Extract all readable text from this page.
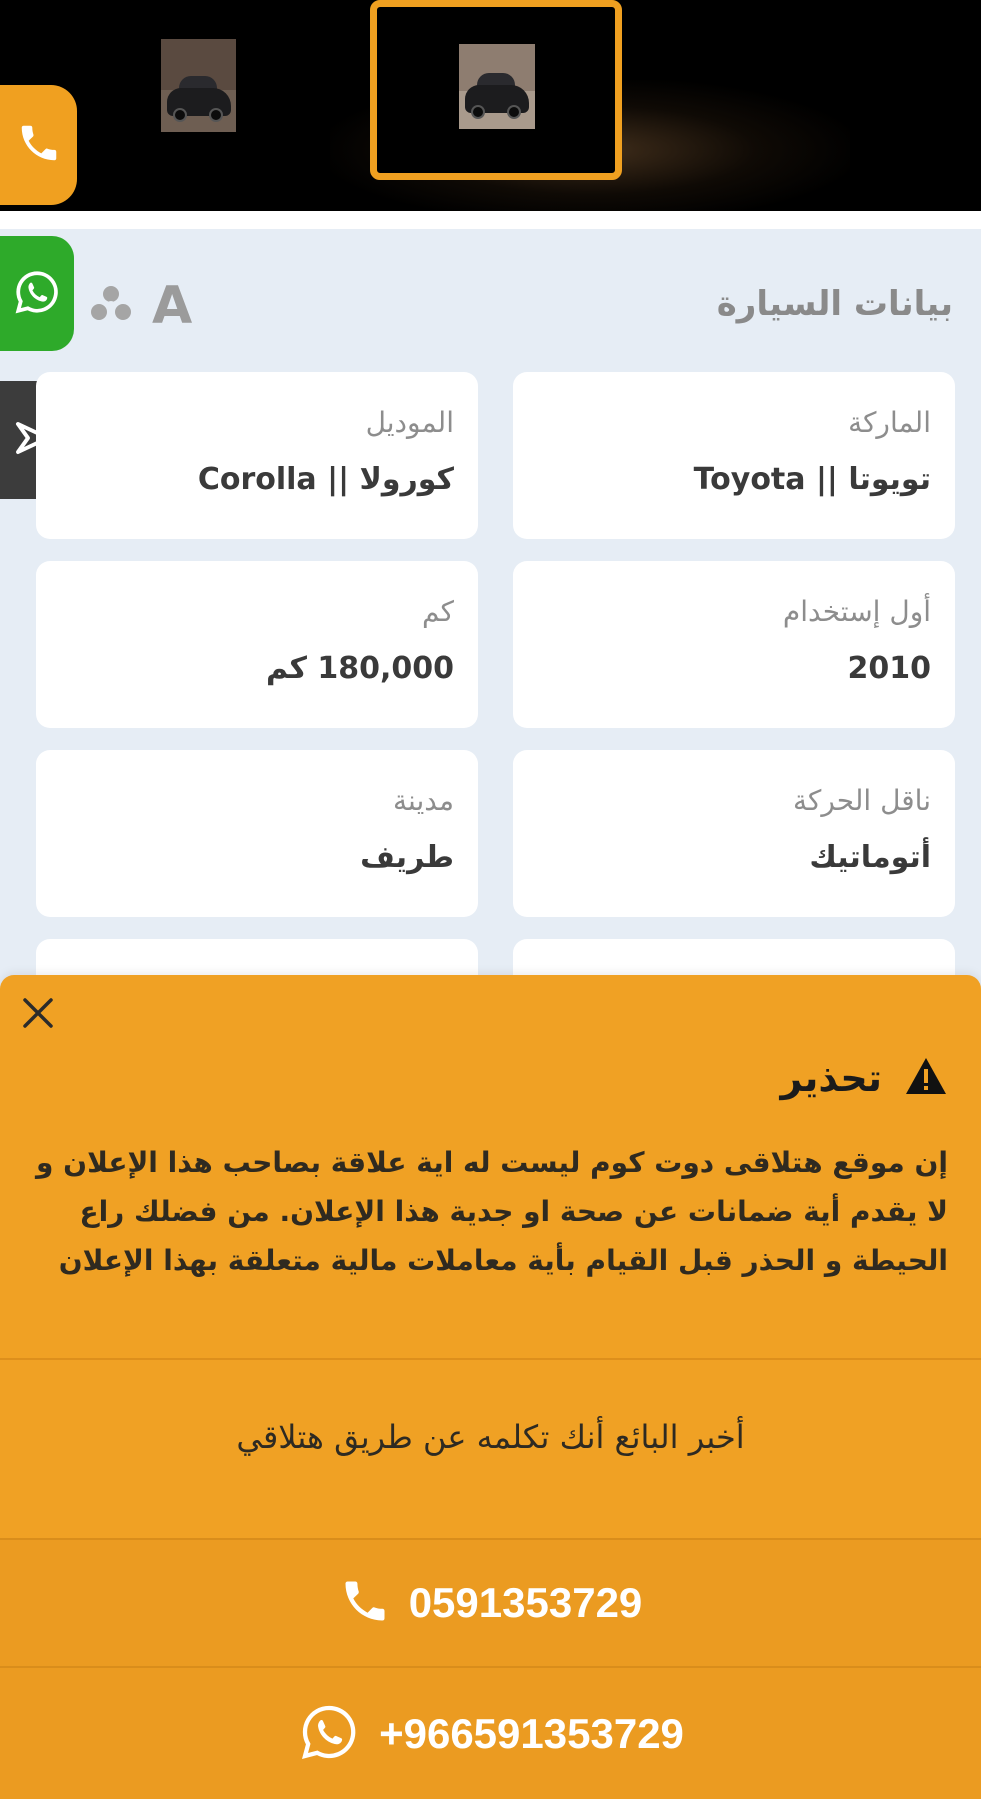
بيانات السيارة
A
الماركة
تويوتا || Toyota
الموديل
كورولا || Corolla
أول إستخدام
2010
كم
180,000 كم
ناقل الحركة
أتوماتيك
مدينة
طريف
تحذير
إن موقع هتلاقى دوت كوم ليست له اية علاقة بصاحب هذا الإعلان و لا يقدم أية ضمانات عن صحة او جدية هذا الإعلان. من فضلك راع الحيطة و الحذر قبل القيام بأية معاملات مالية متعلقة بهذا الإعلان
أخبر البائع أنك تكلمه عن طريق هتلاقي
0591353729
+966591353729
